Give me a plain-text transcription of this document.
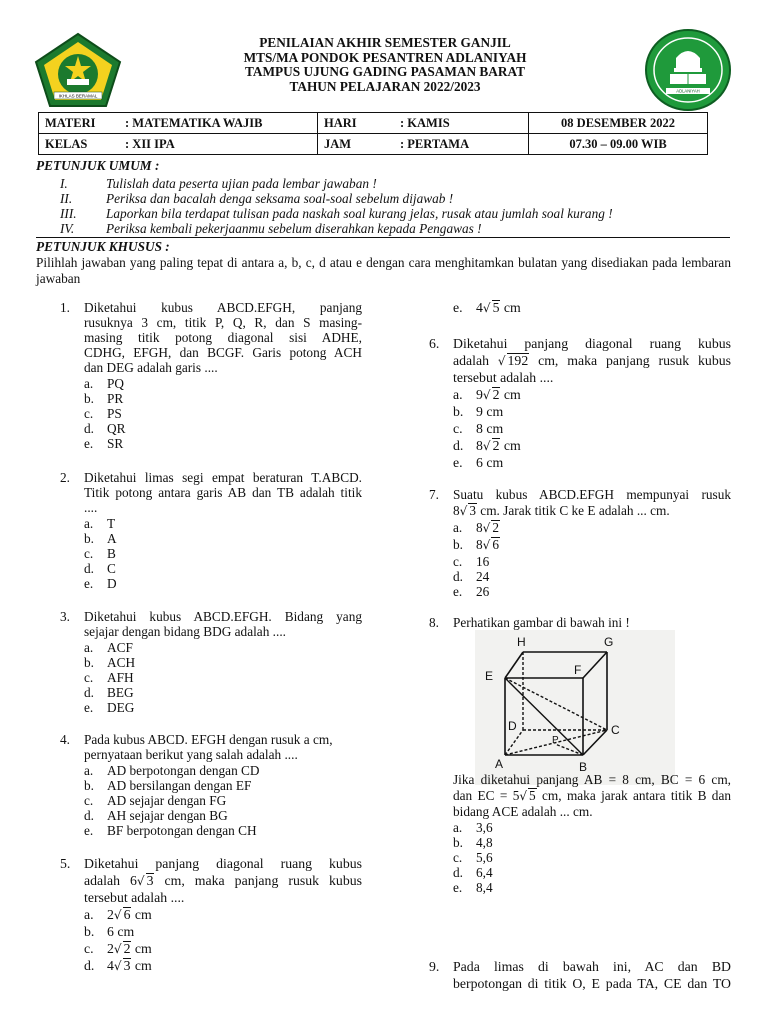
IKHLAS BERAMAL
ADLANIYAH
PENILAIAN AKHIR SEMESTER GANJIL
MTS/MA PONDOK PESANTREN ADLANIYAH
TAMPUS UJUNG GADING PASAMAN BARAT
TAHUN PELAJARAN 2022/2023
MATERI	: MATEMATIKA WAJIB	HARI	: KAMIS	08 DESEMBER 2022
KELAS	: XII IPA	JAM	: PERTAMA	07.30 – 09.00 WIB
PETUNJUK UMUM :
I.	Tulislah data peserta ujian pada lembar jawaban !
II.	Periksa dan bacalah denga seksama soal-soal sebelum dijawab !
III. Laporkan bila terdapat tulisan pada naskah soal kurang jelas, rusak atau jumlah soal kurang !
IV. Periksa kembali pekerjaanmu sebelum diserahkan kepada Pengawas !
PETUNJUK KHUSUS :
Pilihlah jawaban yang paling tepat di antara a, b, c, d atau e dengan cara menghitamkan bulatan yang disediakan pada lembaran jawaban
1. Diketahui kubus ABCD.EFGH, panjang
rusuknya 3 cm, titik P, Q, R, dan S masing-
masing titik potong diagonal sisi ADHE,
CDHG, EFGH, dan BCGF. Garis potong ACH
dan DEG adalah garis ....
a. PQ
b. PR
c. PS
d. QR
e. SR
2. Diketahui limas segi empat beraturan T.ABCD.
Titik potong antara garis AB dan TB adalah titik
....
a. T
b. A
c. B
d. C
e. D
3. Diketahui kubus ABCD.EFGH. Bidang yang
sejajar dengan bidang BDG adalah ....
a. ACF
b. ACH
c. AFH
d. BEG
e. DEG
4. Pada kubus ABCD. EFGH dengan rusuk a cm,
pernyataan berikut yang salah adalah ....
a. AD berpotongan dengan CD
b. AD bersilangan dengan EF
c. AD sejajar dengan FG
d. AH sejajar dengan BG
e. BF berpotongan dengan CH
5. Diketahui panjang diagonal ruang kubus
adalah 6√ 3 cm, maka panjang rusuk kubus
tersebut adalah ....
a. 2√ 6 cm
b. 6 cm
c. 2√ 2 cm
d. 4√ 3 cm
e. 4√ 5 cm
6. Diketahui panjang diagonal ruang kubus
adalah √ 192 cm, maka panjang rusuk kubus
tersebut adalah ....
a. 9√ 2 cm
b. 9 cm
c. 8 cm
d. 8√ 2 cm
e. 6 cm
7. Suatu kubus ABCD.EFGH mempunyai rusuk
8√ 3 cm. Jarak titik C ke E adalah ... cm.
a. 8√ 2
b. 8√ 6
c. 16
d. 24
e. 26
8. Perhatikan gambar di bawah ini !
H	G
E	F
D	C
A	B
P
Jika diketahui panjang AB = 8 cm, BC = 6 cm,
dan EC = 5√ 5 cm, maka jarak antara titik B dan
bidang ACE adalah ... cm.
a. 3,6
b. 4,8
c. 5,6
d. 6,4
e. 8,4
9. Pada limas di bawah ini, AC dan BD
berpotongan di titik O, E pada TA, CE dan TO
